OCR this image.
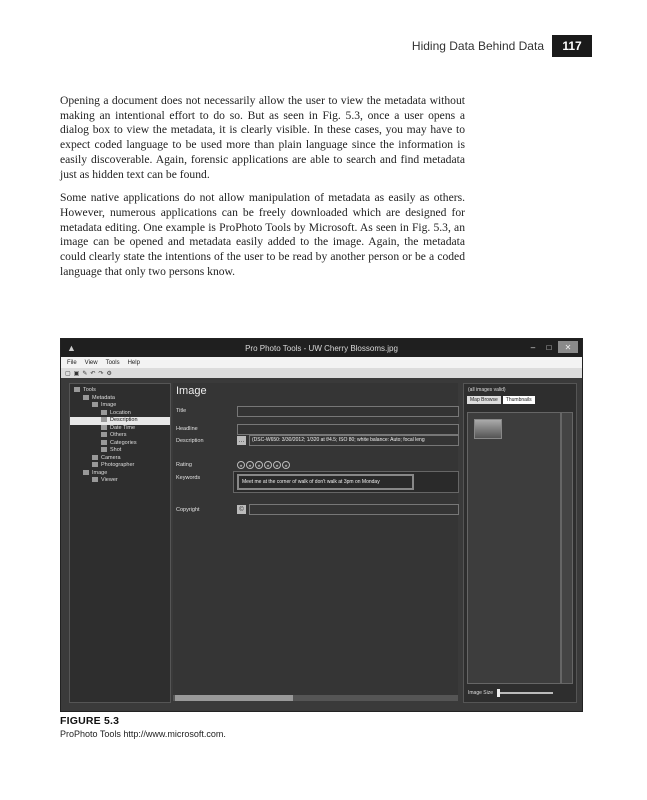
Hiding Data Behind Data	117

Opening a document does not necessarily allow the user to view the metadata without making an intentional effort to do so. But as seen in Fig. 5.3, once a user opens a dialog box to view the metadata, it is clearly visible. In these cases, you may have to expect coded language to be used more than plain language since the information is easily discoverable. Again, forensic applications are able to search and find metadata just as hidden text can be found.

Some native applications do not allow manipulation of metadata as easily as others. However, numerous applications can be freely downloaded which are designed for metadata editing. One example is ProPhoto Tools by Microsoft. As seen in Fig. 5.3, an image can be opened and metadata easily added to the image. Again, the metadata could clearly state the intentions of the user to be read by another person or be a coded language that only two persons know.

▲	Pro Photo Tools - UW Cherry Blossoms.jpg	–	□	✕
File View Tools Help
▢ ▣ ✎ ↶ ↷ ⚙
Tools
Metadata
Image
Location
Description
Date Time
Others
Categories
Shot
Camera
Photographer
Image
Viewer
Image
Title
Headline
Description	…	(DSC-W650: 3/30/2012; 1/320 at f/4.5; ISO 80; white balance: Auto; focal leng
Rating	★	★	★	★	★	★
Keywords
Meet me at the corner of walk of don't walk at 3pm on Monday
Copyright	©
(all images valid)
Map Browse	Thumbnails
Image Size
FIGURE 5.3
ProPhoto Tools http://www.microsoft.com.
